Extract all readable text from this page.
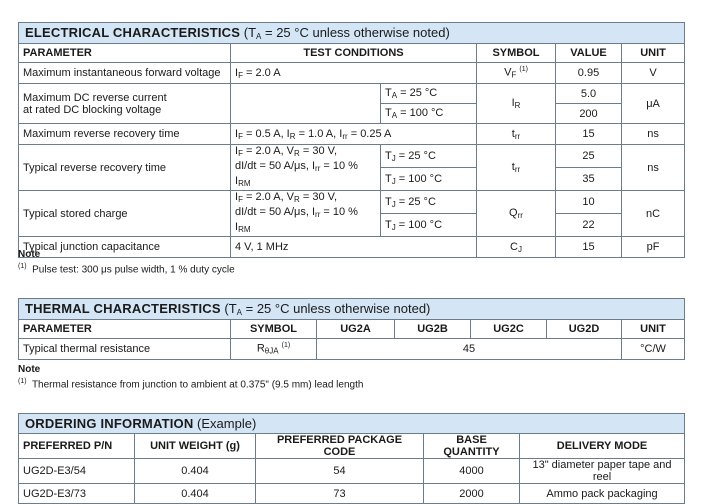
ELECTRICAL CHARACTERISTICS ($T_A = 25$ °C unless otherwise noted)					
PARAMETER	TEST CONDITIONS		SYMBOL	VALUE	UNIT
Maximum instantaneous forward voltage	$I_F = 2.0$ A		$V_F$ $^{(1)}$	0.95	V

Maximum DC reverse current
at rated DC blocking voltage		$T_A = 25$ °C	$I_R$	5.0	μA
		$T_A = 100$ °C		200	
Maximum reverse recovery time	$I_F = 0.5$ A, $I_R = 1.0$ A, $I_{rr} = 0.25$ A		$t_{rr}$	15	ns
Typical reverse recovery time	$I_F = 2.0$ A, $V_R = 30$ V,
dI/dt = 50 A/μs, $I_{rr} = 10$ % $I_{RM}$	$T_J = 25$ °C	$t_{rr}$	25	ns
		$T_J = 100$ °C		35	
Typical stored charge	$I_F = 2.0$ A, $V_R = 30$ V,
dI/dt = 50 A/μs, $I_{rr} = 10$ % $I_{RM}$	$T_J = 25$ °C	$Q_{rr}$	10	nC
		$T_J = 100$ °C		22	
Typical junction capacitance	4 V, 1 MHz		$C_J$	15	pF
Note
$^{(1)}$  Pulse test: 300 μs pulse width, 1 % duty cycle
THERMAL CHARACTERISTICS ($T_A = 25$ °C unless otherwise noted)						
PARAMETER	SYMBOL	UG2A	UG2B	UG2C	UG2D	UNIT
Typical thermal resistance	$R_{\theta JA}$ $^{(1)}$	45				°C/W
Note
$^{(1)}$  Thermal resistance from junction to ambient at 0.375" (9.5 mm) lead length
ORDERING INFORMATION (Example)				
PREFERRED P/N	UNIT WEIGHT (g)	PREFERRED PACKAGE CODE	BASE QUANTITY	DELIVERY MODE
UG2D-E3/54	0.404	54	4000	13" diameter paper tape and reel
UG2D-E3/73	0.404	73	2000	Ammo pack packaging
